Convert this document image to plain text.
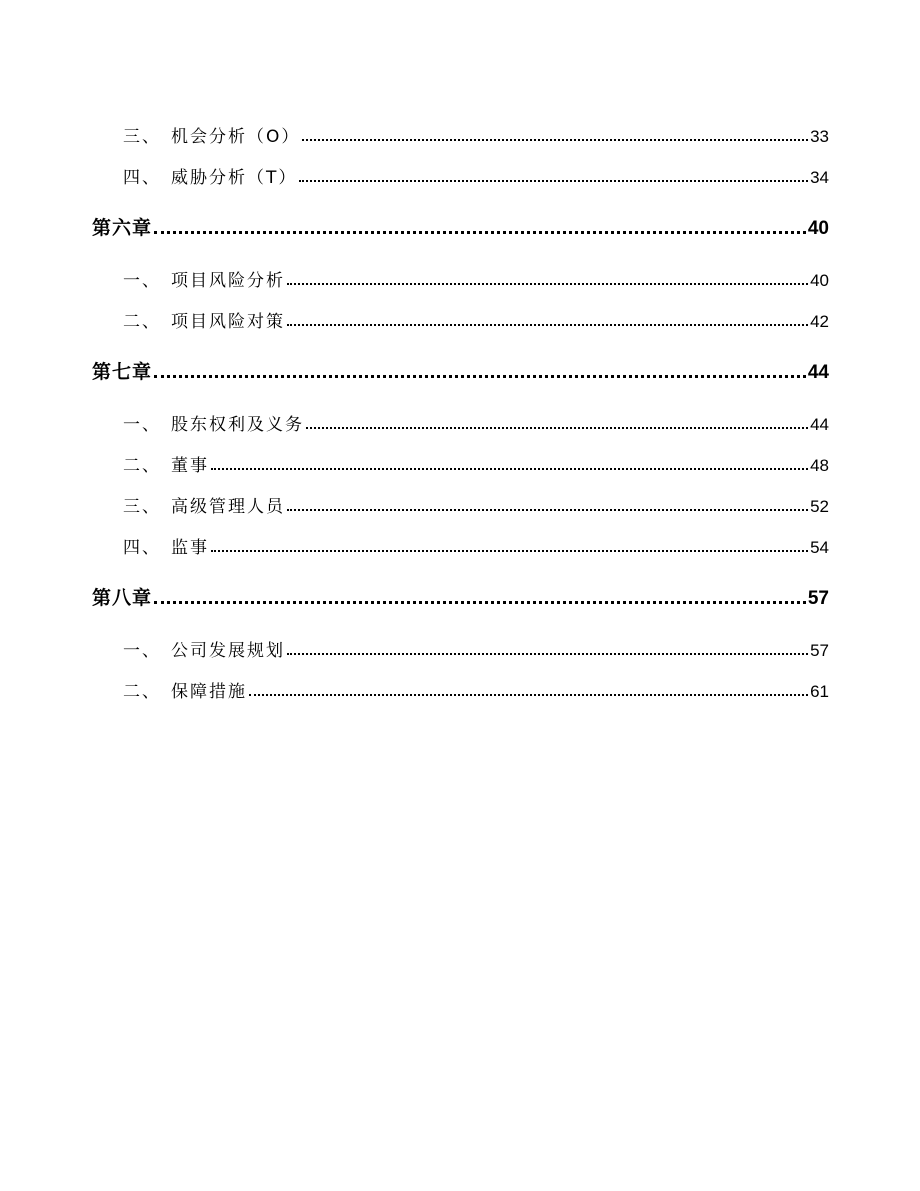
三、 机会分析（O）	33
四、 威胁分析（T）	34
第六章	40
一、 项目风险分析	40
二、 项目风险对策	42
第七章	44
一、 股东权利及义务	44
二、 董事	48
三、 高级管理人员	52
四、 监事	54
第八章	57
一、 公司发展规划	57
二、 保障措施	61
